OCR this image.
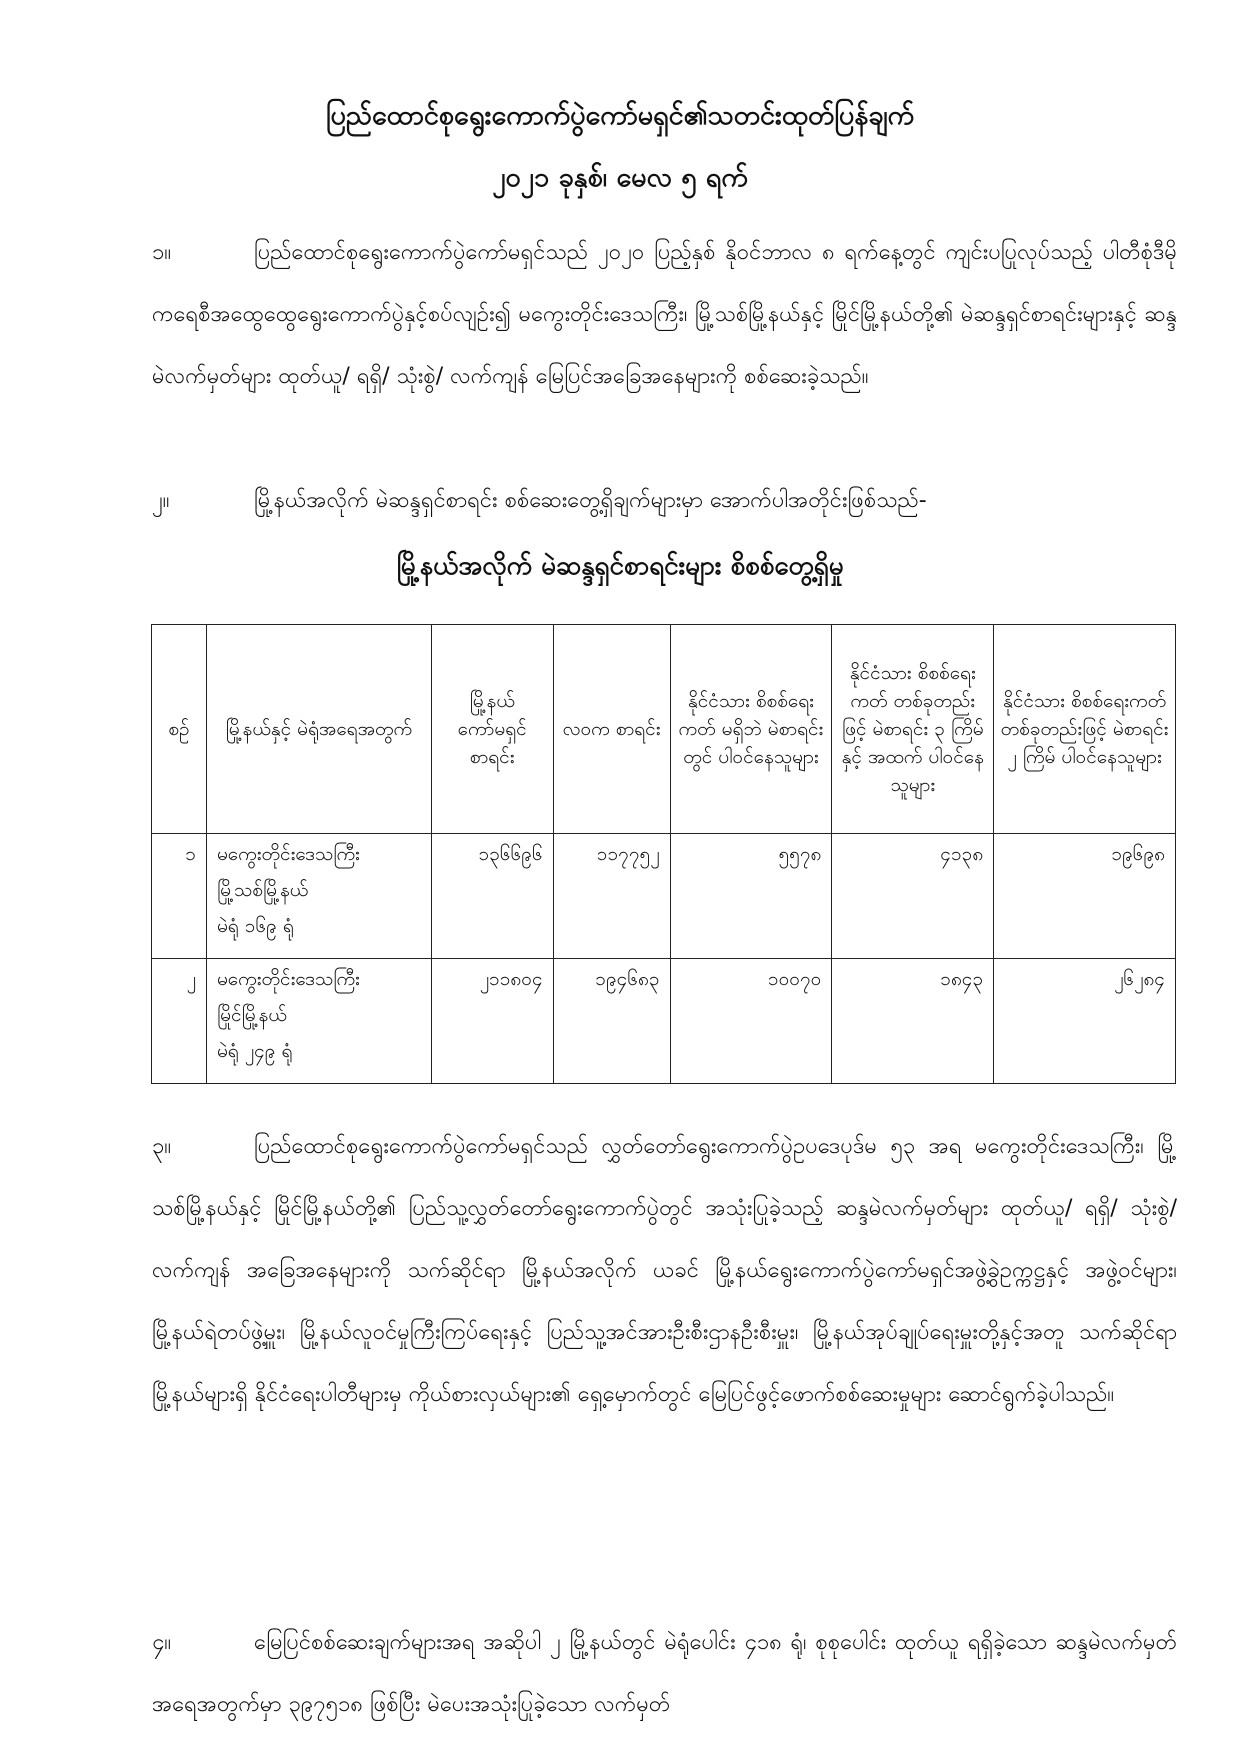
ပြည်ထောင်စုရွေးကောက်ပွဲကော်မရှင်၏သတင်းထုတ်ပြန်ချက်
၂၀၂၁ ခုနှစ်၊ မေလ ၅ ရက်
၁။	ပြည်ထောင်စုရွေးကောက်ပွဲကော်မရှင်သည် ၂၀၂၀ ပြည့်နှစ် နိုဝင်ဘာလ ၈ ရက်နေ့တွင် ကျင်းပပြုလုပ်သည့် ပါတီစုံဒီမိုကရေစီအထွေထွေရွေးကောက်ပွဲနှင့်စပ်လျဥ်း၍ မကွေးတိုင်းဒေသကြီး၊ မြို့သစ်မြို့နယ်နှင့် မြိုင်မြို့နယ်တို့၏ မဲဆန္ဒရှင်စာရင်းများနှင့် ဆန္ဒမဲလက်မှတ်များ ထုတ်ယူ/ ရရှိ/ သုံးစွဲ/ လက်ကျန် မြေပြင်အခြေအနေများကို စစ်ဆေးခဲ့သည်။
၂။	မြို့နယ်အလိုက် မဲဆန္ဒရှင်စာရင်း စစ်ဆေးတွေ့ရှိချက်များမှာ အောက်ပါအတိုင်းဖြစ်သည်-
မြို့နယ်အလိုက် မဲဆန္ဒရှင်စာရင်းများ စိစစ်တွေ့ရှိမှု
စဉ်	မြို့နယ်နှင့် မဲရုံအရေအတွက်	မြို့နယ် ကော်မရှင် စာရင်း	လဝက စာရင်း	နိုင်ငံသား စိစစ်ရေးကတ် မရှိဘဲ မဲစာရင်းတွင် ပါဝင်နေသူများ	နိုင်ငံသား စိစစ်ရေးကတ် တစ်ခုတည်းဖြင့် မဲစာရင်း ၃ ကြိမ် နှင့် အထက် ပါဝင်နေသူများ	နိုင်ငံသား စိစစ်ရေးကတ် တစ်ခုတည်းဖြင့် မဲစာရင်း ၂ ကြိမ် ပါဝင်နေသူများ
၁	မကွေးတိုင်းဒေသကြီး
မြို့သစ်မြို့နယ်
မဲရုံ ၁၆၉ ရုံ	၁၃၆၆၉၆	၁၁၇၇၅၂	၅၅၇၈	၄၁၃၈	၁၉၆၉၈
၂	မကွေးတိုင်းဒေသကြီး
မြိုင်မြို့နယ်
မဲရုံ ၂၄၉ ရုံ	၂၁၁၈၀၄	၁၉၄၆၈၃	၁၀၀၇၀	၁၈၄၃	၂၆၂၈၄
၃။	ပြည်ထောင်စုရွေးကောက်ပွဲကော်မရှင်သည် လွှတ်တော်ရွေးကောက်ပွဲဥပဒေပုဒ်မ ၅၃ အရ မကွေးတိုင်းဒေသကြီး၊ မြို့သစ်မြို့နယ်နှင့် မြိုင်မြို့နယ်တို့၏ ပြည်သူ့လွှတ်တော်ရွေးကောက်ပွဲတွင် အသုံးပြုခဲ့သည့် ဆန္ဒမဲလက်မှတ်များ ထုတ်ယူ/ ရရှိ/ သုံးစွဲ/ လက်ကျန် အခြေအနေများကို သက်ဆိုင်ရာ မြို့နယ်အလိုက် ယခင် မြို့နယ်ရွေးကောက်ပွဲကော်မရှင်အဖွဲ့ခွဲဥက္ကဋ္ဌနှင့် အဖွဲ့ဝင်များ၊ မြို့နယ်ရဲတပ်ဖွဲ့မှူး၊ မြို့နယ်လူဝင်မှုကြီးကြပ်ရေးနှင့် ပြည်သူ့အင်အားဦးစီးဌာနဦးစီးမှူး၊ မြို့နယ်အုပ်ချုပ်ရေးမှူးတို့နှင့်အတူ သက်ဆိုင်ရာ မြို့နယ်များရှိ နိုင်ငံရေးပါတီများမှ ကိုယ်စားလှယ်များ၏ ရှေ့မှောက်တွင် မြေပြင်ဖွင့်ဖောက်စစ်ဆေးမှုများ ဆောင်ရွက်ခဲ့ပါသည်။
၄။	မြေပြင်စစ်ဆေးချက်များအရ အဆိုပါ ၂ မြို့နယ်တွင် မဲရုံပေါင်း ၄၁၈ ရုံ၊ စုစုပေါင်း ထုတ်ယူ ရရှိခဲ့သော ဆန္ဒမဲလက်မှတ်အရေအတွက်မှာ ၃၉၇၅၁၈ ဖြစ်ပြီး မဲပေးအသုံးပြုခဲ့သော လက်မှတ်
